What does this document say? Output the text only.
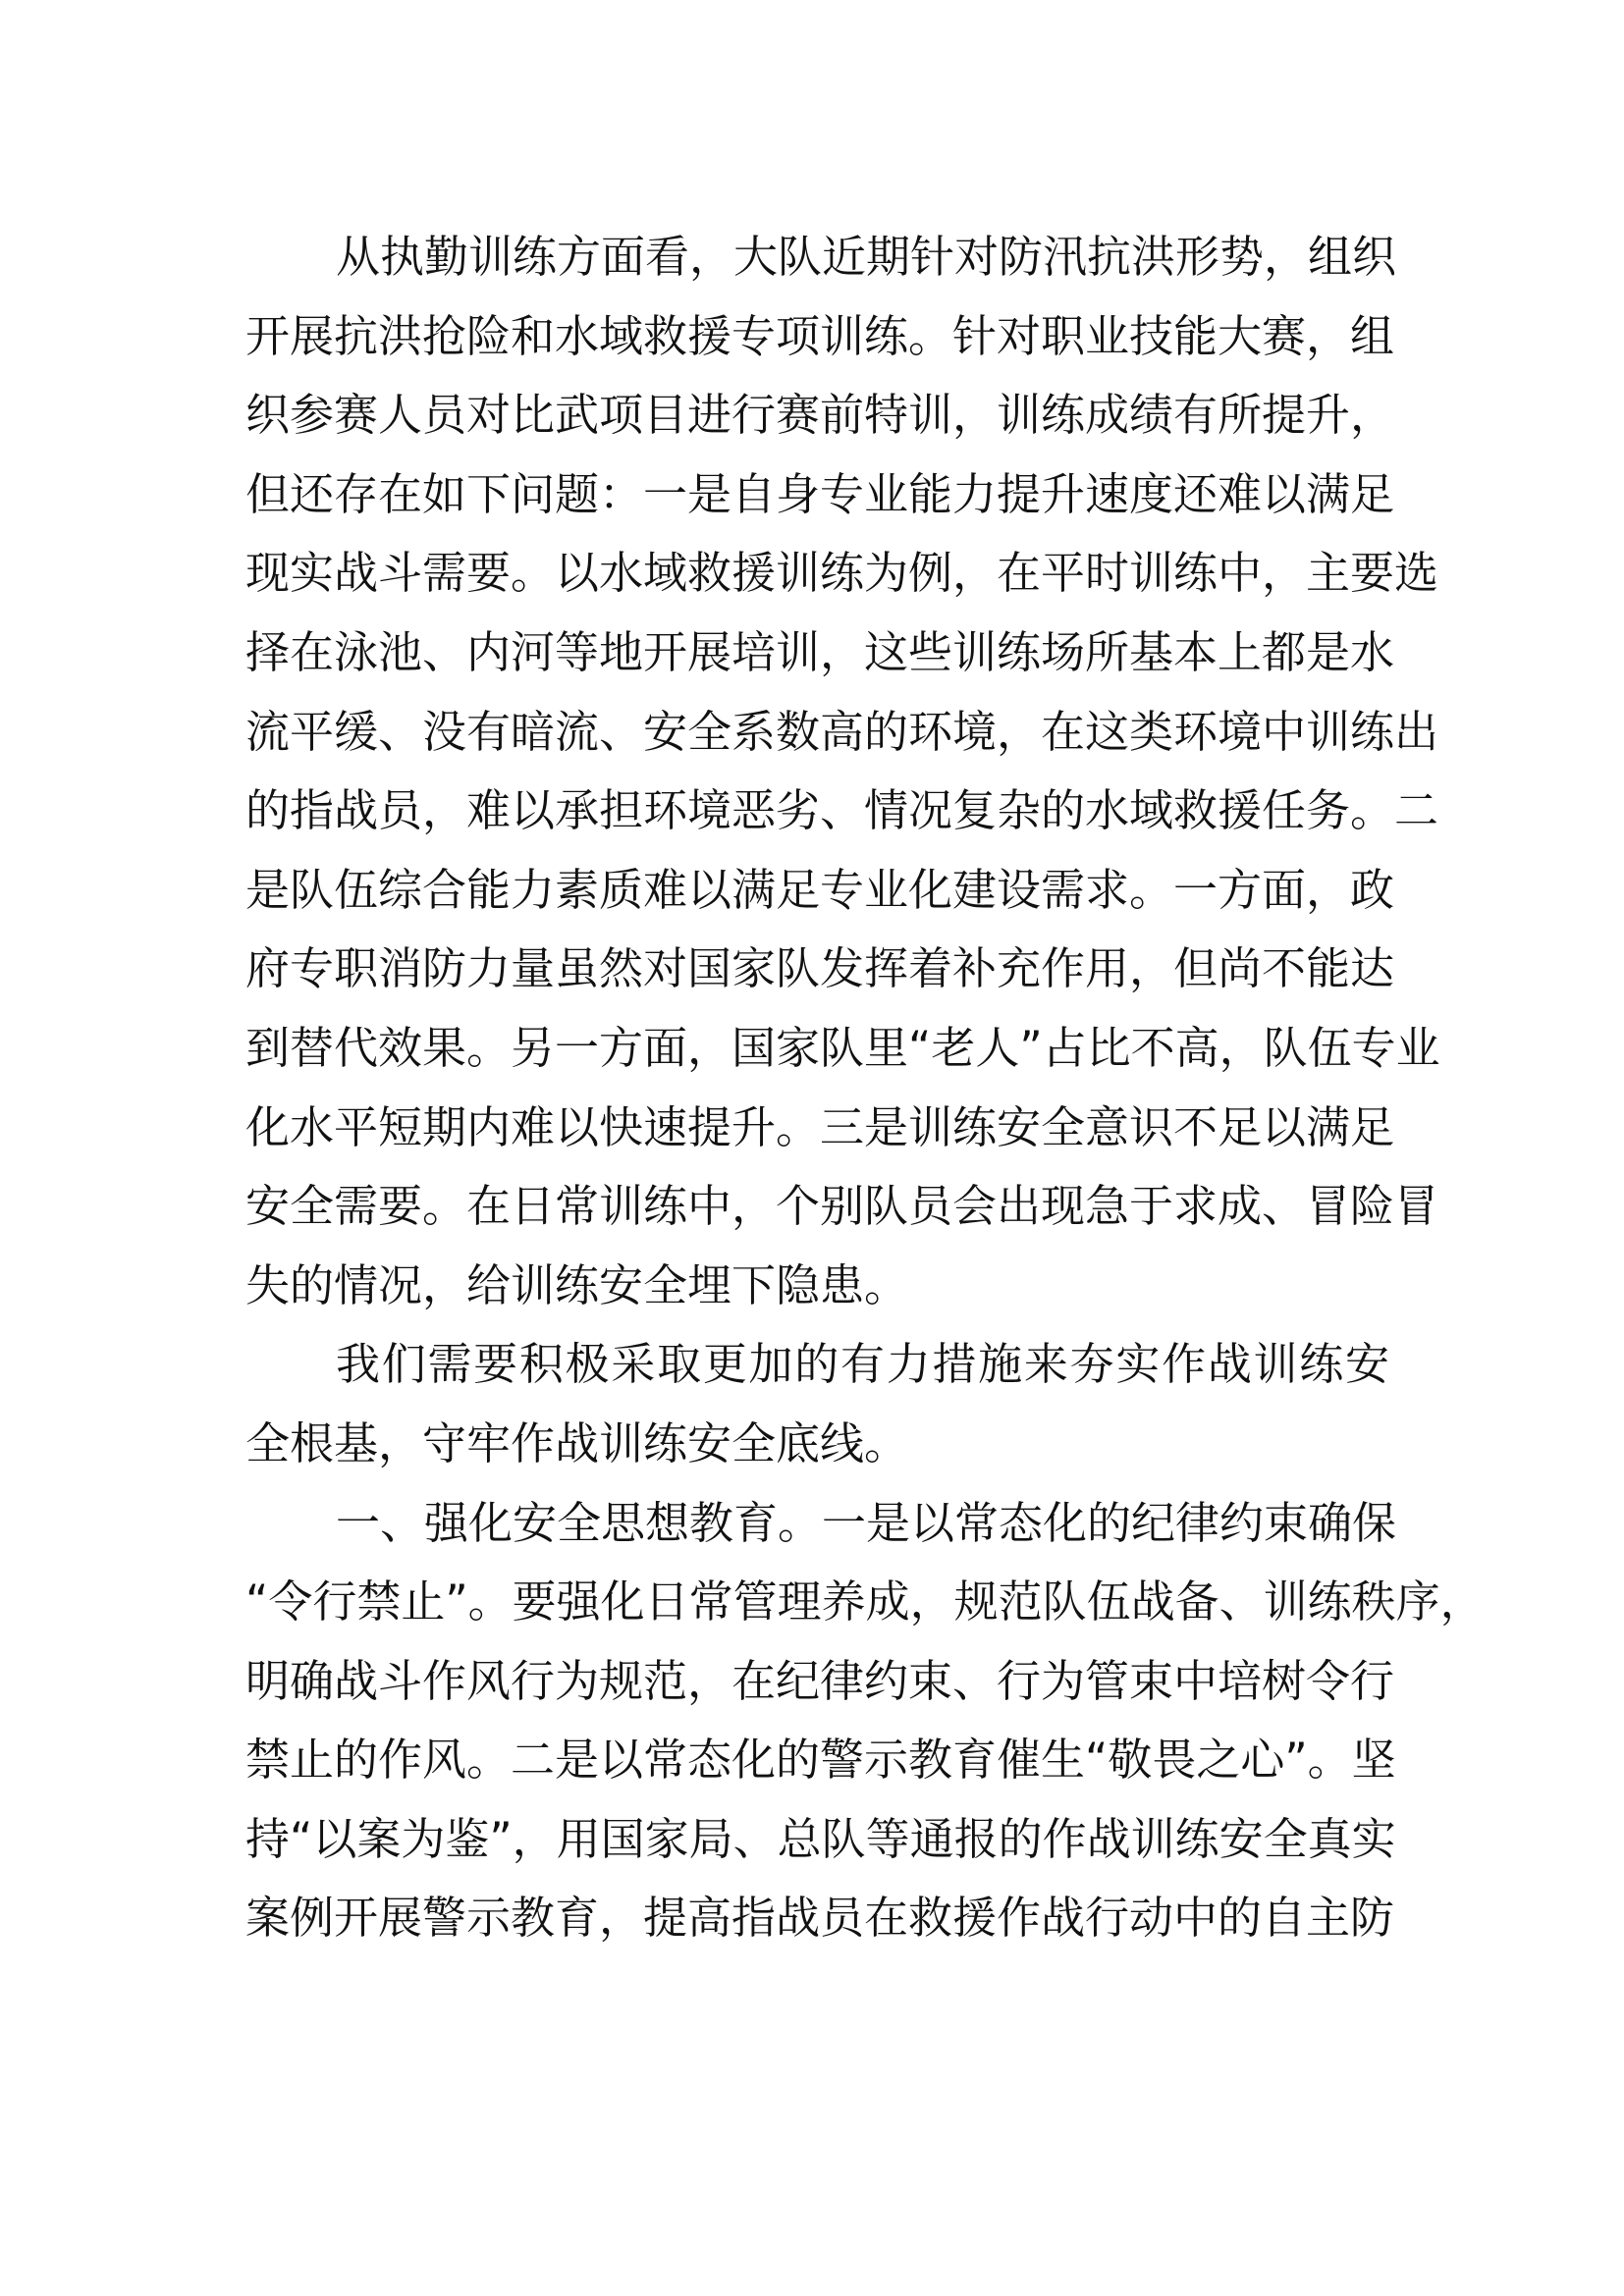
从执勤训练方面看，大队近期针对防汛抗洪形势，组织
开展抗洪抢险和水域救援专项训练。针对职业技能大赛，组
织参赛人员对比武项目进行赛前特训，训练成绩有所提升，
但还存在如下问题：一是自身专业能力提升速度还难以满足
现实战斗需要。以水域救援训练为例，在平时训练中，主要选
择在泳池、内河等地开展培训，这些训练场所基本上都是水
流平缓、没有暗流、安全系数高的环境，在这类环境中训练出
的指战员，难以承担环境恶劣、情况复杂的水域救援任务。二
是队伍综合能力素质难以满足专业化建设需求。一方面，政
府专职消防力量虽然对国家队发挥着补充作用，但尚不能达
到替代效果。另一方面，国家队里“老人”占比不高，队伍专业
化水平短期内难以快速提升。三是训练安全意识不足以满足
安全需要。在日常训练中，个别队员会出现急于求成、冒险冒
失的情况，给训练安全埋下隐患。
我们需要积极采取更加的有力措施来夯实作战训练安
全根基，守牢作战训练安全底线。
一、强化安全思想教育。一是以常态化的纪律约束确保
“令行禁止”。要强化日常管理养成，规范队伍战备、训练秩序，
明确战斗作风行为规范，在纪律约束、行为管束中培树令行
禁止的作风。二是以常态化的警示教育催生“敬畏之心”。坚
持“以案为鉴”，用国家局、总队等通报的作战训练安全真实
案例开展警示教育，提高指战员在救援作战行动中的自主防
